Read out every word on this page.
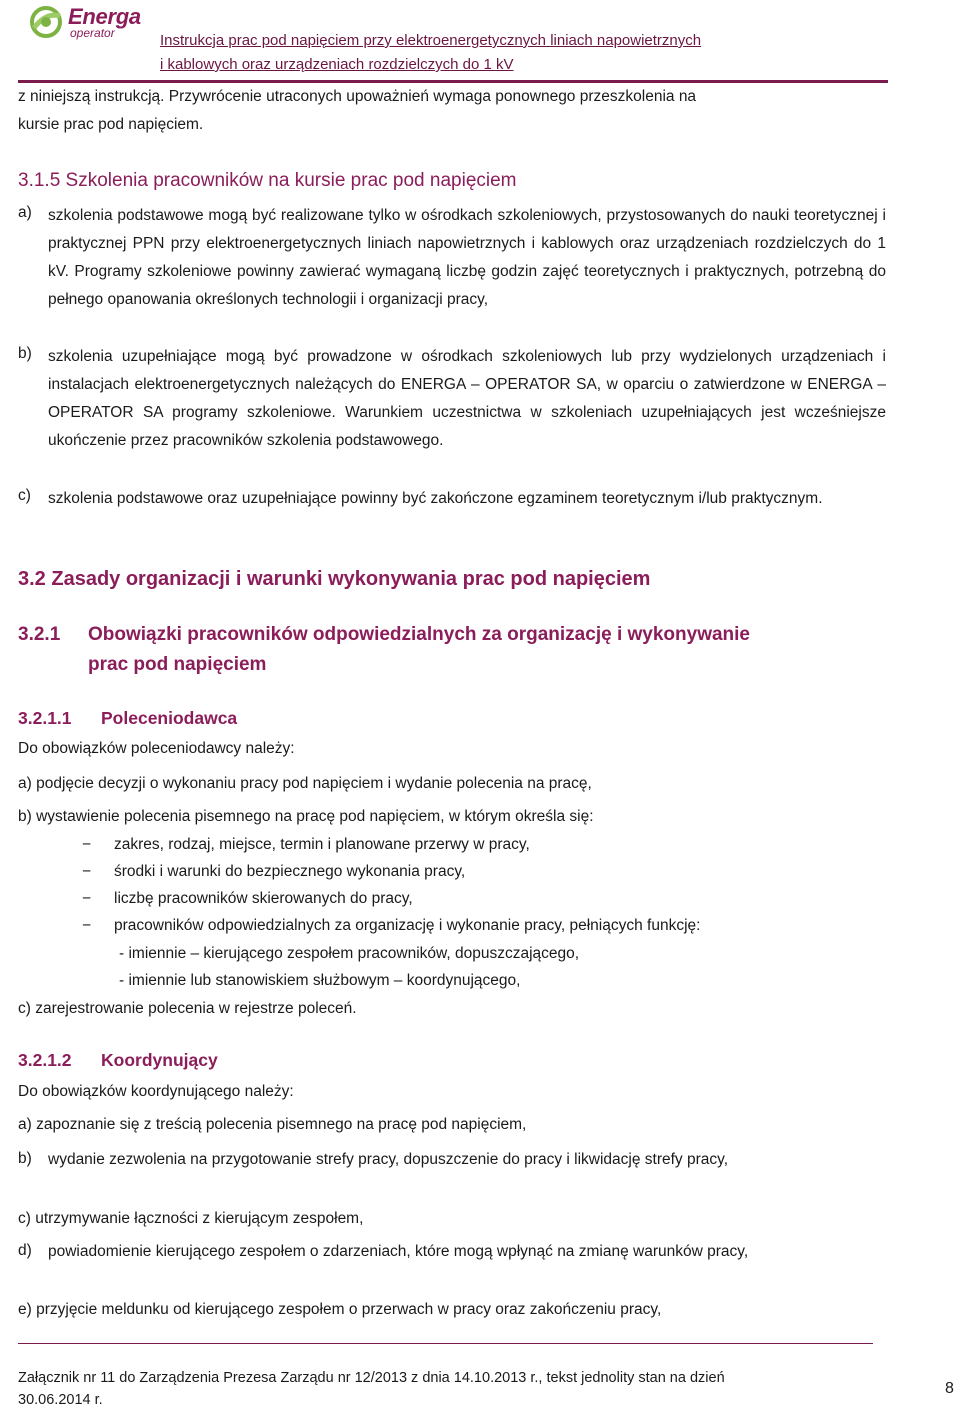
Energa
operator	Instrukcja prac pod napięciem przy elektroenergetycznych liniach napowietrznych
i kablowych oraz urządzeniach rozdzielczych do 1 kV
z niniejszą instrukcją. Przywrócenie utraconych upoważnień wymaga ponownego przeszkolenia na
kursie prac pod napięciem.
3.1.5 Szkolenia pracowników na kursie prac pod napięciem
a) szkolenia podstawowe mogą być realizowane tylko w ośrodkach szkoleniowych, przystosowanych do nauki teoretycznej i praktycznej PPN przy elektroenergetycznych liniach napowietrznych i kablowych oraz urządzeniach rozdzielczych do 1 kV. Programy szkoleniowe powinny zawierać wymaganą liczbę godzin zajęć teoretycznych i praktycznych, potrzebną do pełnego opanowania określonych technologii i organizacji pracy,
b) szkolenia uzupełniające mogą być prowadzone w ośrodkach szkoleniowych lub przy wydzielonych urządzeniach i instalacjach elektroenergetycznych należących do ENERGA – OPERATOR SA, w oparciu o zatwierdzone w ENERGA – OPERATOR SA programy szkoleniowe. Warunkiem uczestnictwa w szkoleniach uzupełniających jest wcześniejsze ukończenie przez pracowników szkolenia podstawowego.
c) szkolenia podstawowe oraz uzupełniające powinny być zakończone egzaminem teoretycznym i/lub praktycznym.
3.2 Zasady organizacji i warunki wykonywania prac pod napięciem
3.2.1 Obowiązki pracowników odpowiedzialnych za organizację i wykonywanie
prac pod napięciem
3.2.1.1 Poleceniodawca
Do obowiązków poleceniodawcy należy:
a) podjęcie decyzji o wykonaniu pracy pod napięciem i wydanie polecenia na pracę,
b) wystawienie polecenia pisemnego na pracę pod napięciem, w którym określa się:
− zakres, rodzaj, miejsce, termin i planowane przerwy w pracy,
− środki i warunki do bezpiecznego wykonania pracy,
− liczbę pracowników skierowanych do pracy,
− pracowników odpowiedzialnych za organizację i wykonanie pracy, pełniących funkcję:
- imiennie – kierującego zespołem pracowników, dopuszczającego,
- imiennie lub stanowiskiem służbowym – koordynującego,
c) zarejestrowanie polecenia w rejestrze poleceń.
3.2.1.2 Koordynujący
Do obowiązków koordynującego należy:
a) zapoznanie się z treścią polecenia pisemnego na pracę pod napięciem,
b) wydanie zezwolenia na przygotowanie strefy pracy, dopuszczenie do pracy i likwidację strefy pracy,
c) utrzymywanie łączności z kierującym zespołem,
d) powiadomienie kierującego zespołem o zdarzeniach, które mogą wpłynąć na zmianę warunków pracy,
e) przyjęcie meldunku od kierującego zespołem o przerwach w pracy oraz zakończeniu pracy,
Załącznik nr 11 do Zarządzenia Prezesa Zarządu nr 12/2013 z dnia 14.10.2013 r., tekst jednolity stan na dzień
30.06.2014 r.
8
